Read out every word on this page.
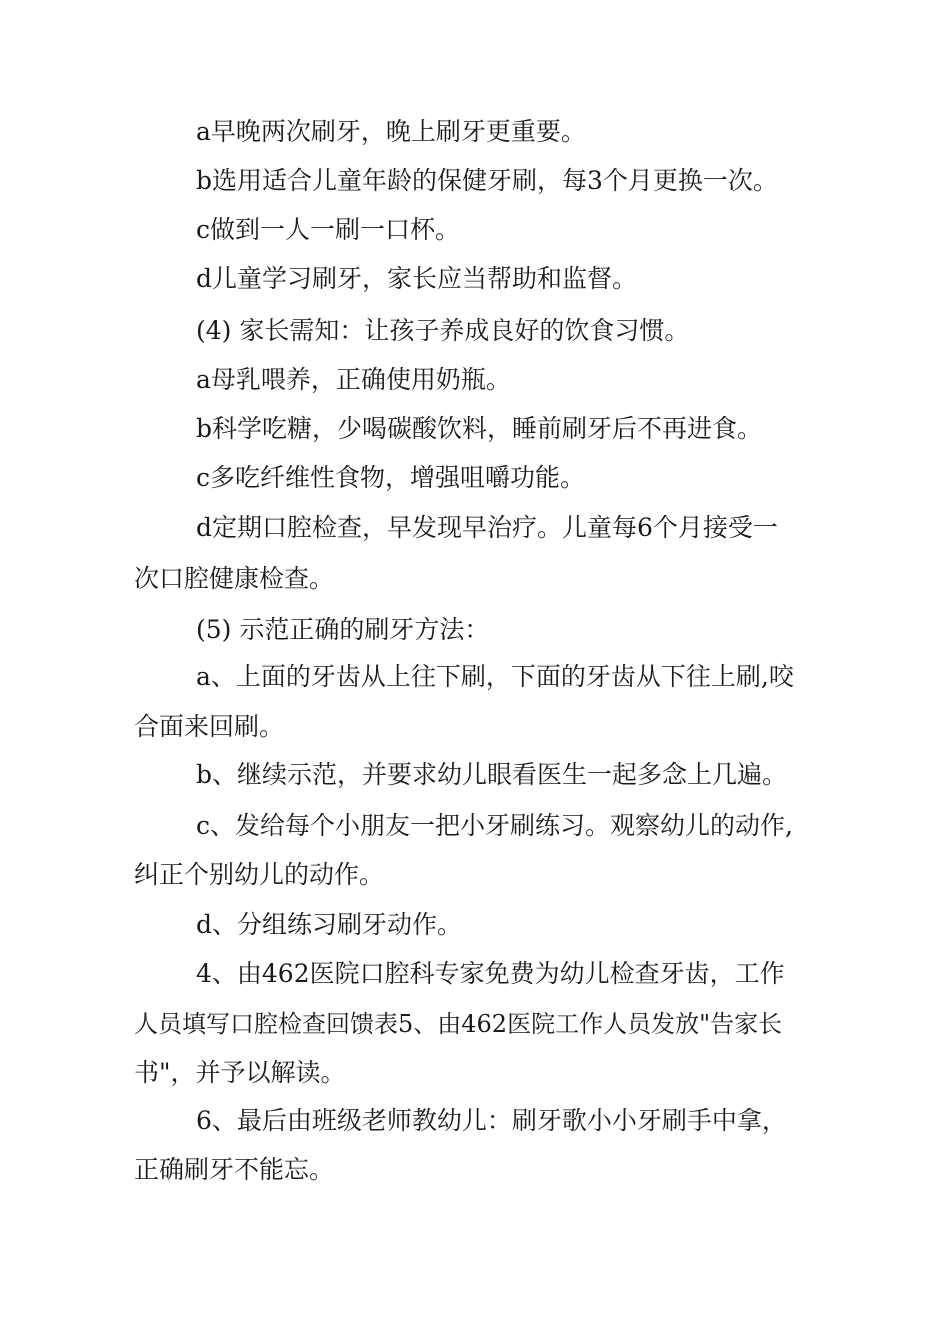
a早晚两次刷牙，晚上刷牙更重要。
b选用适合儿童年龄的保健牙刷，每3个月更换一次。
c做到一人一刷一口杯。
d儿童学习刷牙，家长应当帮助和监督。
(4) 家长需知：让孩子养成良好的饮食习惯。
a母乳喂养，正确使用奶瓶。
b科学吃糖，少喝碳酸饮料，睡前刷牙后不再进食。
c多吃纤维性食物，增强咀嚼功能。
d定期口腔检查，早发现早治疗。儿童每6个月接受一
次口腔健康检查。
(5) 示范正确的刷牙方法：
a、上面的牙齿从上往下刷，下面的牙齿从下往上刷,咬
合面来回刷。
b、继续示范，并要求幼儿眼看医生一起多念上几遍。
c、发给每个小朋友一把小牙刷练习。观察幼儿的动作,
纠正个别幼儿的动作。
d、分组练习刷牙动作。
4、由462医院口腔科专家免费为幼儿检查牙齿，工作
人员填写口腔检查回馈表5、由462医院工作人员发放"告家长
书"，并予以解读。
6、最后由班级老师教幼儿：刷牙歌小小牙刷手中拿，
正确刷牙不能忘。
